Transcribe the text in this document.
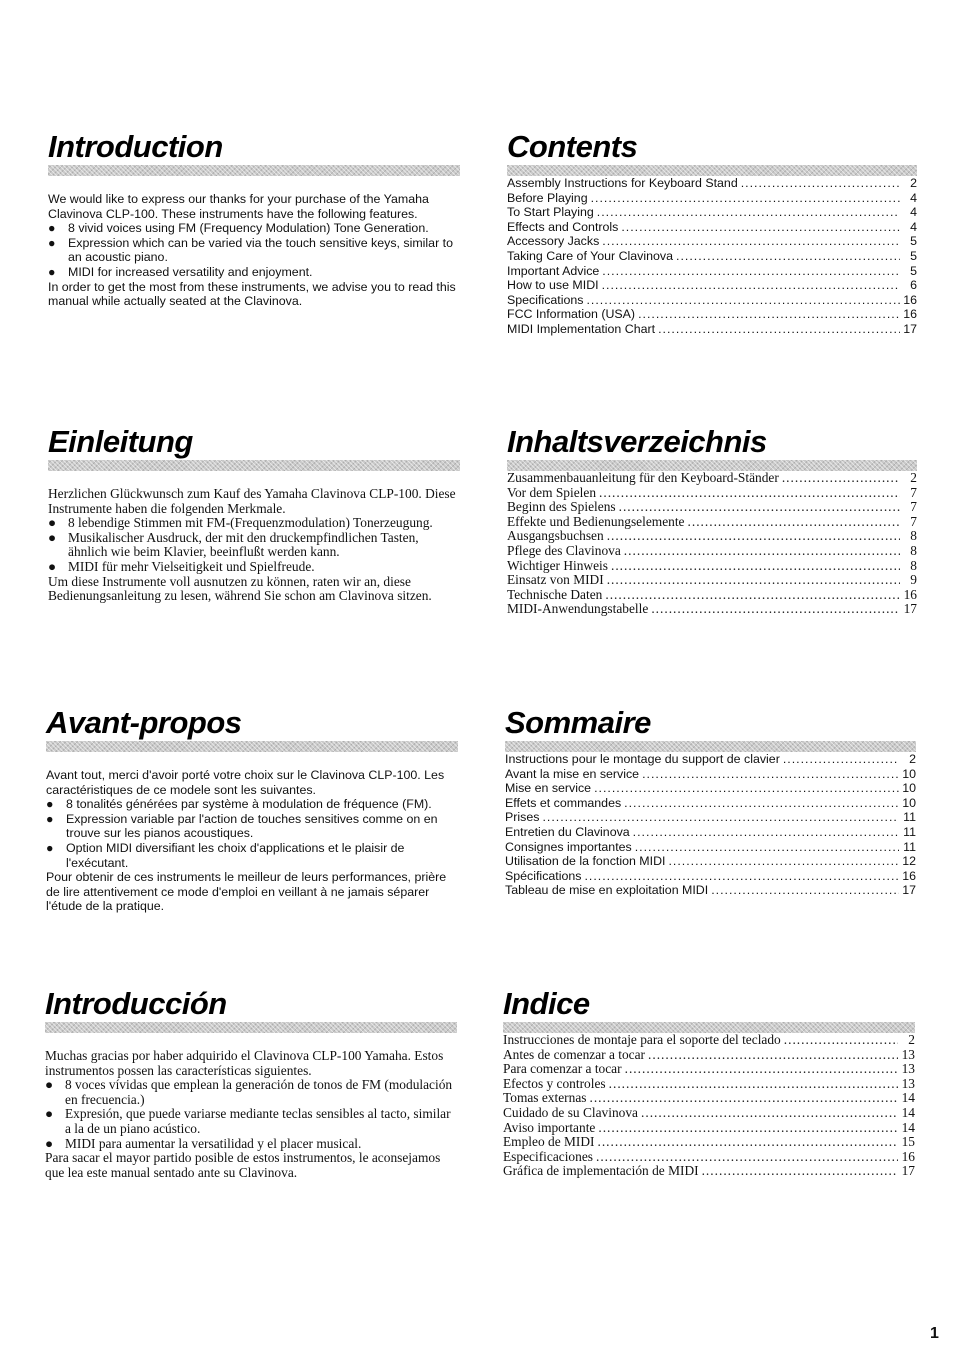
Introduction

We would like to express our thanks for your purchase of the Yamaha Clavinova CLP-100. These instruments have the following features.

●	8 vivid voices using FM (Frequency Modulation) Tone Generation.
●	Expression which can be varied via the touch sensitive keys, similar to an acoustic piano.
●	MIDI for increased versatility and enjoyment.

In order to get the most from these instruments, we advise you to read this manual while actually seated at the Clavinova.

Contents
Assembly Instructions for Keyboard Stand .....	2
Before Playing .....	4
To Start Playing .....	4
Effects and Controls .....	4
Accessory Jacks .....	5
Taking Care of Your Clavinova .....	5
Important Advice .....	5
How to use MIDI .....	6
Specifications .....	16
FCC Information (USA) .....	16
MIDI Implementation Chart .....	17
Einleitung

Herzlichen Glückwunsch zum Kauf des Yamaha Clavinova CLP-100. Diese Instrumente haben die folgenden Merkmale.

● 8 lebendige Stimmen mit FM-(Frequenzmodulation) Tonerzeugung.
● Musikalischer Ausdruck, der mit den druckempfindlichen Tasten, ähnlich wie beim Klavier, beeinflußt werden kann.
● MIDI für mehr Vielseitigkeit und Spielfreude.

Um diese Instrumente voll ausnutzen zu können, raten wir an, diese Bedienungsanleitung zu lesen, während Sie schon am Clavinova sitzen.

Inhaltsverzeichnis
Zusammenbauanleitung für den Keyboard-Ständer .....	2
Vor dem Spielen .....	7
Beginn des Spielens .....	7
Effekte und Bedienungselemente .....	7
Ausgangsbuchsen .....	8
Pflege des Clavinova .....	8
Wichtiger Hinweis .....	8
Einsatz von MIDI .....	9
Technische Daten .....	16
MIDI-Anwendungstabelle .....	17
Avant-propos

Avant tout, merci d'avoir porté votre choix sur le Clavinova CLP-100. Les caractéristiques de ce modele sont les suivantes.

●	8 tonalités générées par système à modulation de fréquence (FM).
●	Expression variable par l'action de touches sensitives comme on en trouve sur les pianos acoustiques.
●	Option MIDI diversifiant les choix d'applications et le plaisir de l'exécutant.

Pour obtenir de ces instruments le meilleur de leurs performances, prière de lire attentivement ce mode d'emploi en veillant à ne jamais séparer l'étude de la pratique.

Sommaire
Instructions pour le montage du support de clavier .....	2
Avant la mise en service .....	10
Mise en service .....	10
Effets et commandes .....	10
Prises .....	11
Entretien du Clavinova .....	11
Consignes importantes .....	11
Utilisation de la fonction MIDI .....	12
Spécifications .....	16
Tableau de mise en exploitation MIDI .....	17
Introducción

Muchas gracias por haber adquirido el Clavinova CLP-100 Yamaha. Estos instrumentos possen las características siguientes.

● 8 voces vívidas que emplean la generación de tonos de FM (modulación en frecuencia.)
● Expresión, que puede variarse mediante teclas sensibles al tacto, similar a la de un piano acústico.
● MIDI para aumentar la versatilidad y el placer musical.

Para sacar el mayor partido posible de estos instrumentos, le aconsejamos que lea este manual sentado ante su Clavinova.

Indice
Instrucciones de montaje para el soporte del teclado .....	2
Antes de comenzar a tocar .....	13
Para comenzar a tocar .....	13
Efectos y controles .....	13
Tomas externas .....	14
Cuidado de su Clavinova .....	14
Aviso importante .....	14
Empleo de MIDI .....	15
Especificaciones .....	16
Gráfica de implementación de MIDI .....	17
1
